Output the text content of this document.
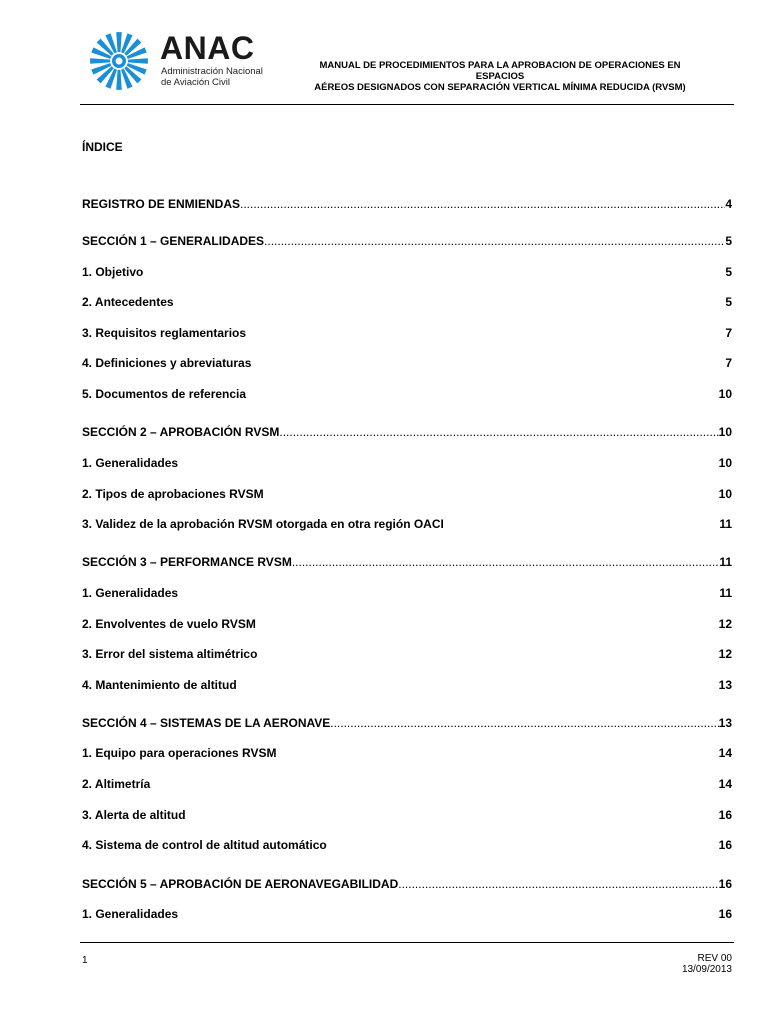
ANAC
Administración Nacional
de Aviación Civil
MANUAL DE PROCEDIMIENTOS PARA LA APROBACION DE OPERACIONES EN ESPACIOS
AÉREOS DESIGNADOS CON SEPARACIÓN VERTICAL MÍNIMA REDUCIDA (RVSM)
ÍNDICE
REGISTRO DE ENMIENDAS .....	4
SECCIÓN 1 – GENERALIDADES .....	5
1. Objetivo	5
2. Antecedentes	5
3. Requisitos reglamentarios	7
4. Definiciones y abreviaturas	7
5. Documentos de referencia	10
SECCIÓN 2 – APROBACIÓN RVSM .....	10
1. Generalidades	10
2. Tipos de aprobaciones RVSM	10
3. Validez de la aprobación RVSM otorgada en otra región OACI	11
SECCIÓN 3 – PERFORMANCE RVSM .....	11
1. Generalidades	11
2. Envolventes de vuelo RVSM	12
3. Error del sistema altimétrico	12
4. Mantenimiento de altitud	13
SECCIÓN 4 – SISTEMAS DE LA AERONAVE .....	13
1. Equipo para operaciones RVSM	14
2. Altimetría	14
3. Alerta de altitud	16
4. Sistema de control de altitud automático	16
SECCIÓN 5 – APROBACIÓN DE AERONAVEGABILIDAD .....	16
1. Generalidades	16
1	REV 00
13/09/2013
